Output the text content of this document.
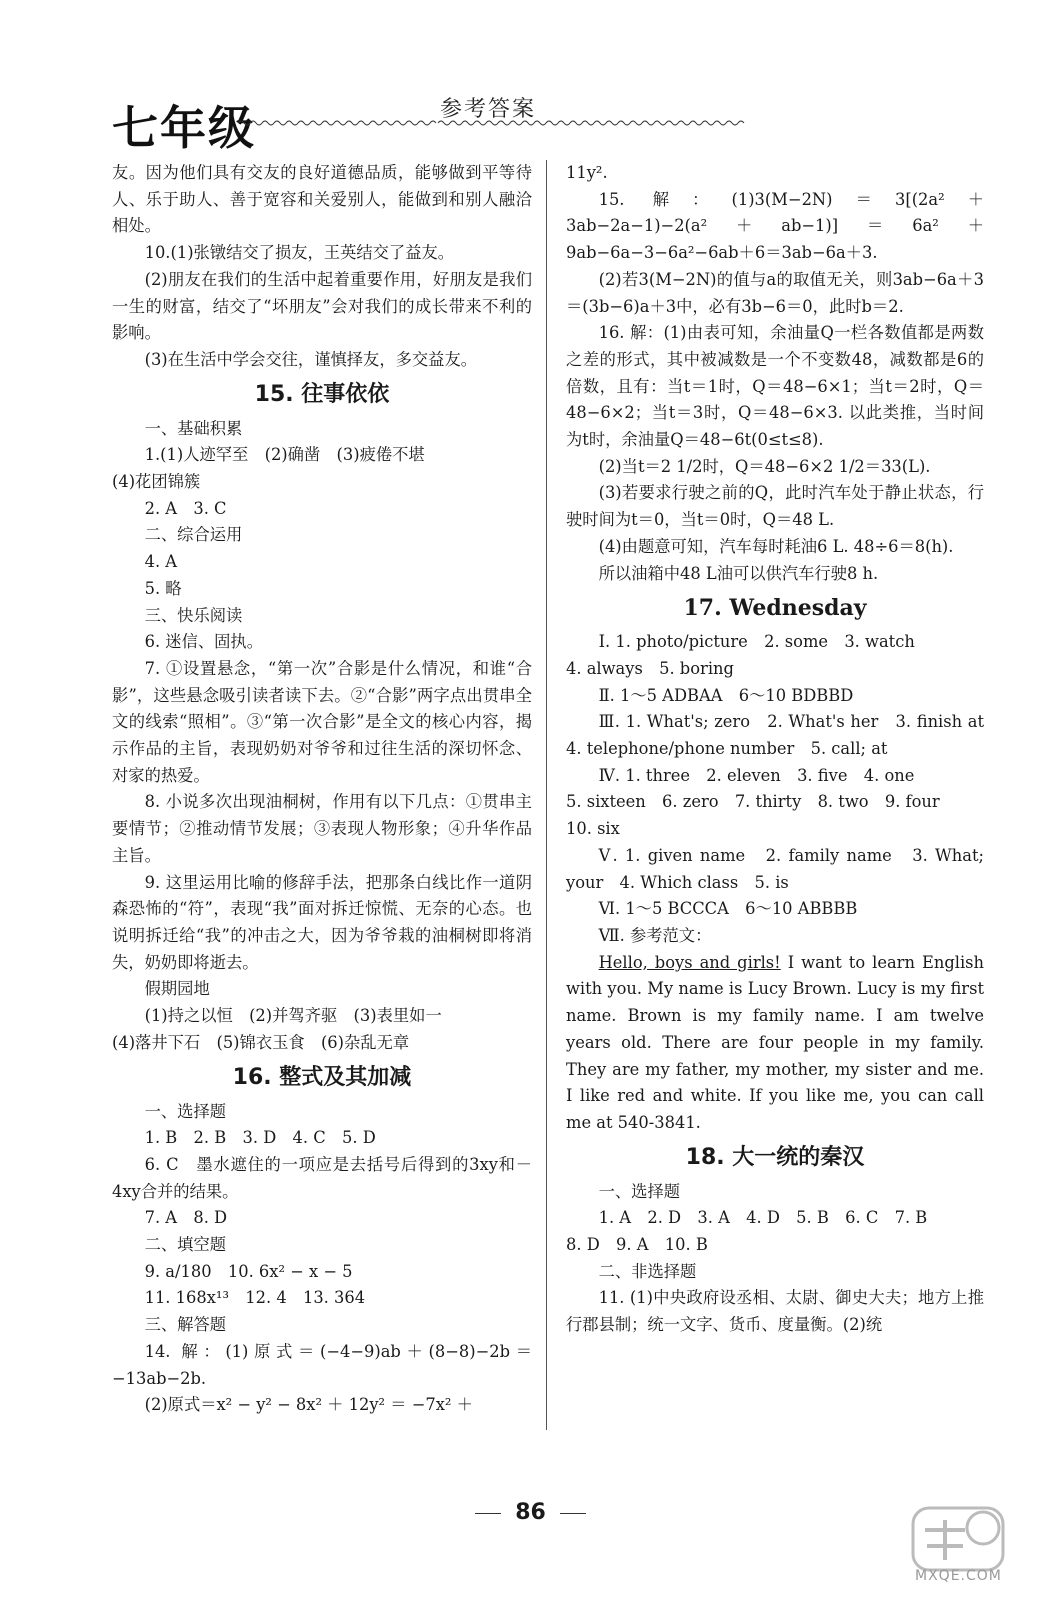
七年级	参考答案
友。因为他们具有交友的良好道德品质，能够做到平等待人、乐于助人、善于宽容和关爱别人，能做到和别人融洽相处。
10.(1)张镦结交了损友，王英结交了益友。
(2)朋友在我们的生活中起着重要作用，好朋友是我们一生的财富，结交了“坏朋友”会对我们的成长带来不利的影响。
(3)在生活中学会交往，谨慎择友，多交益友。
15. 往事依依
一、基础积累
1.(1)人迹罕至　(2)确凿　(3)疲倦不堪
(4)花团锦簇
2. A　3. C
二、综合运用
4. A
5. 略
三、快乐阅读
6. 迷信、固执。
7. ①设置悬念，“第一次”合影是什么情况，和谁“合影”，这些悬念吸引读者读下去。②“合影”两字点出贯串全文的线索“照相”。③“第一次合影”是全文的核心内容，揭示作品的主旨，表现奶奶对爷爷和过往生活的深切怀念、对家的热爱。
8. 小说多次出现油桐树，作用有以下几点：①贯串主要情节；②推动情节发展；③表现人物形象；④升华作品主旨。
9. 这里运用比喻的修辞手法，把那条白线比作一道阴森恐怖的“符”，表现“我”面对拆迁惊慌、无奈的心态。也说明拆迁给“我”的冲击之大，因为爷爷栽的油桐树即将消失，奶奶即将逝去。
假期园地
(1)持之以恒　(2)并驾齐驱　(3)表里如一
(4)落井下石　(5)锦衣玉食　(6)杂乱无章
16. 整式及其加减
一、选择题
1. B　2. B　3. D　4. C　5. D
6. C　墨水遮住的一项应是去括号后得到的3xy和－4xy合并的结果。
7. A　8. D
二、填空题
9. a/180　10. 6x² − x − 5
11. 168x¹³　12. 4　13. 364
三、解答题
14. 解：(1)原式＝(−4−9)ab＋(8−8)−2b＝−13ab−2b.
(2)原式＝x² − y² − 8x² ＋ 12y² ＝ −7x² ＋
11y².
15. 解：(1)3(M−2N)＝3[(2a²＋3ab−2a−1)−2(a²＋ab−1)]＝6a²＋9ab−6a−3−6a²−6ab＋6＝3ab−6a＋3.
(2)若3(M−2N)的值与a的取值无关，则3ab−6a＋3＝(3b−6)a＋3中，必有3b−6＝0，此时b＝2.
16. 解：(1)由表可知，余油量Q一栏各数值都是两数之差的形式，其中被减数是一个不变数48，减数都是6的倍数，且有：当t＝1时，Q＝48−6×1；当t＝2时，Q＝48−6×2；当t＝3时，Q＝48−6×3. 以此类推，当时间为t时，余油量Q＝48−6t(0≤t≤8).
(2)当t＝2 1/2时，Q＝48−6×2 1/2＝33(L).
(3)若要求行驶之前的Q，此时汽车处于静止状态，行驶时间为t＝0，当t＝0时，Q＝48 L.
(4)由题意可知，汽车每时耗油6 L. 48÷6＝8(h).
所以油箱中48 L油可以供汽车行驶8 h.
17. Wednesday
Ⅰ. 1. photo/picture　2. some　3. watch
4. always　5. boring
Ⅱ. 1～5 ADBAA　6～10 BDBBD
Ⅲ. 1. What's; zero　2. What's her　3. finish at　4. telephone/phone number　5. call; at
Ⅳ. 1. three　2. eleven　3. five　4. one
5. sixteen　6. zero　7. thirty　8. two　9. four
10. six
Ⅴ. 1. given name　2. family name　3. What; your　4. Which class　5. is
Ⅵ. 1～5 BCCCA　6～10 ABBBB
Ⅶ. 参考范文：
Hello, boys and girls! I want to learn English with you. My name is Lucy Brown. Lucy is my first name. Brown is my family name. I am twelve years old. There are four people in my family. They are my father, my mother, my sister and me. I like red and white. If you like me, you can call me at 540-3841.
18. 大一统的秦汉
一、选择题
1. A　2. D　3. A　4. D　5. B　6. C　7. B
8. D　9. A　10. B
二、非选择题
11. (1)中央政府设丞相、太尉、御史大夫；地方上推行郡县制；统一文字、货币、度量衡。(2)统
86
MXQE.COM
